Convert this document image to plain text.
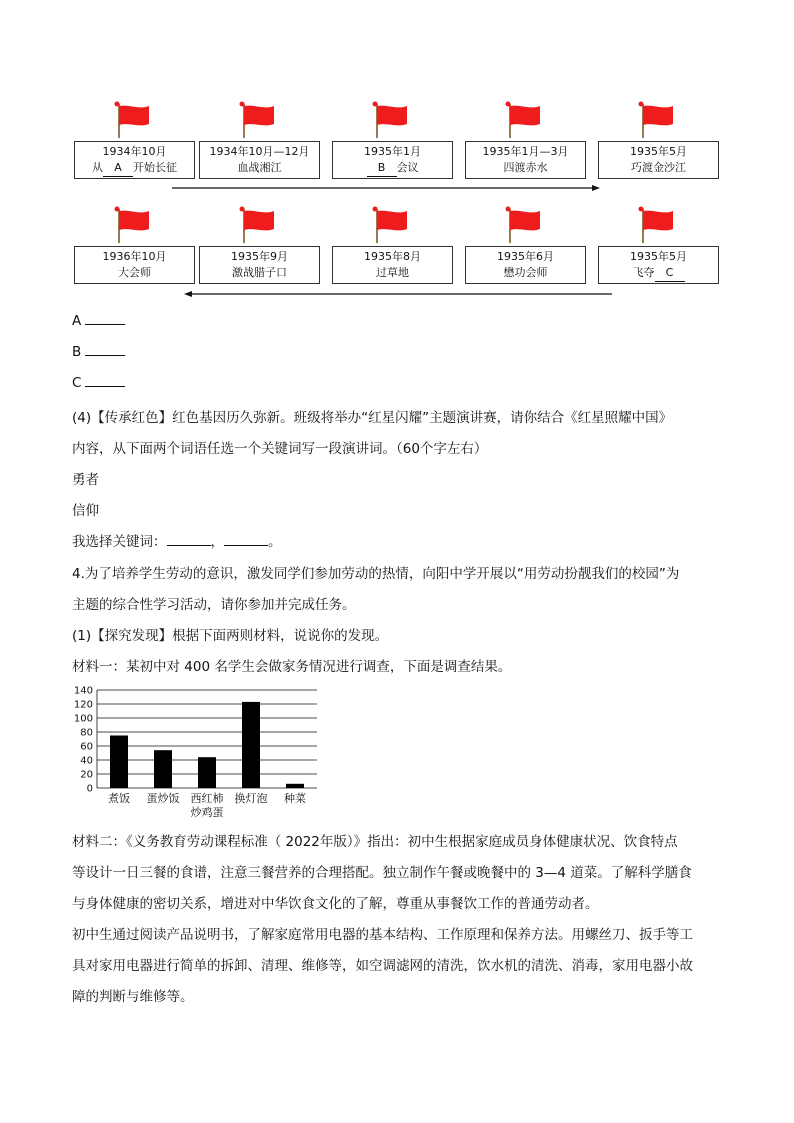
1934年10月
从 A 开始长征
1934年10月—12月
血战湘江
1935年1月
B 会议
1935年1月—3月
四渡赤水
1935年5月
巧渡金沙江
1936年10月
大会师
1935年9月
激战腊子口
1935年8月
过草地
1935年6月
懋功会师
1935年5月
飞夺 C
A
B
C
(4)【传承红色】红色基因历久弥新。班级将举办“红星闪耀”主题演讲赛，请你结合《红星照耀中国》
内容，从下面两个词语任选一个关键词写一段演讲词。（60个字左右）
勇者
信仰
我选择关键词：	，	。
4.为了培养学生劳动的意识，激发同学们参加劳动的热情，向阳中学开展以“用劳动扮靓我们的校园”为
主题的综合性学习活动，请你参加并完成任务。
(1)【探究发现】根据下面两则材料，说说你的发现。
材料一：某初中对 400 名学生会做家务情况进行调查，下面是调查结果。
0
20
40
60
80
100
120
140
煮饭 蛋炒饭 西红柿
炒鸡蛋
换灯泡 种菜
材料二：《义务教育劳动课程标准（ 2022年版）》指出：初中生根据家庭成员身体健康状况、饮食特点
等设计一日三餐的食谱，注意三餐营养的合理搭配。独立制作午餐或晚餐中的 3—4 道菜。了解科学膳食
与身体健康的密切关系，增进对中华饮食文化的了解，尊重从事餐饮工作的普通劳动者。
初中生通过阅读产品说明书，了解家庭常用电器的基本结构、工作原理和保养方法。用螺丝刀、扳手等工
具对家用电器进行简单的拆卸、清理、维修等，如空调滤网的清洗，饮水机的清洗、消毒，家用电器小故
障的判断与维修等。
